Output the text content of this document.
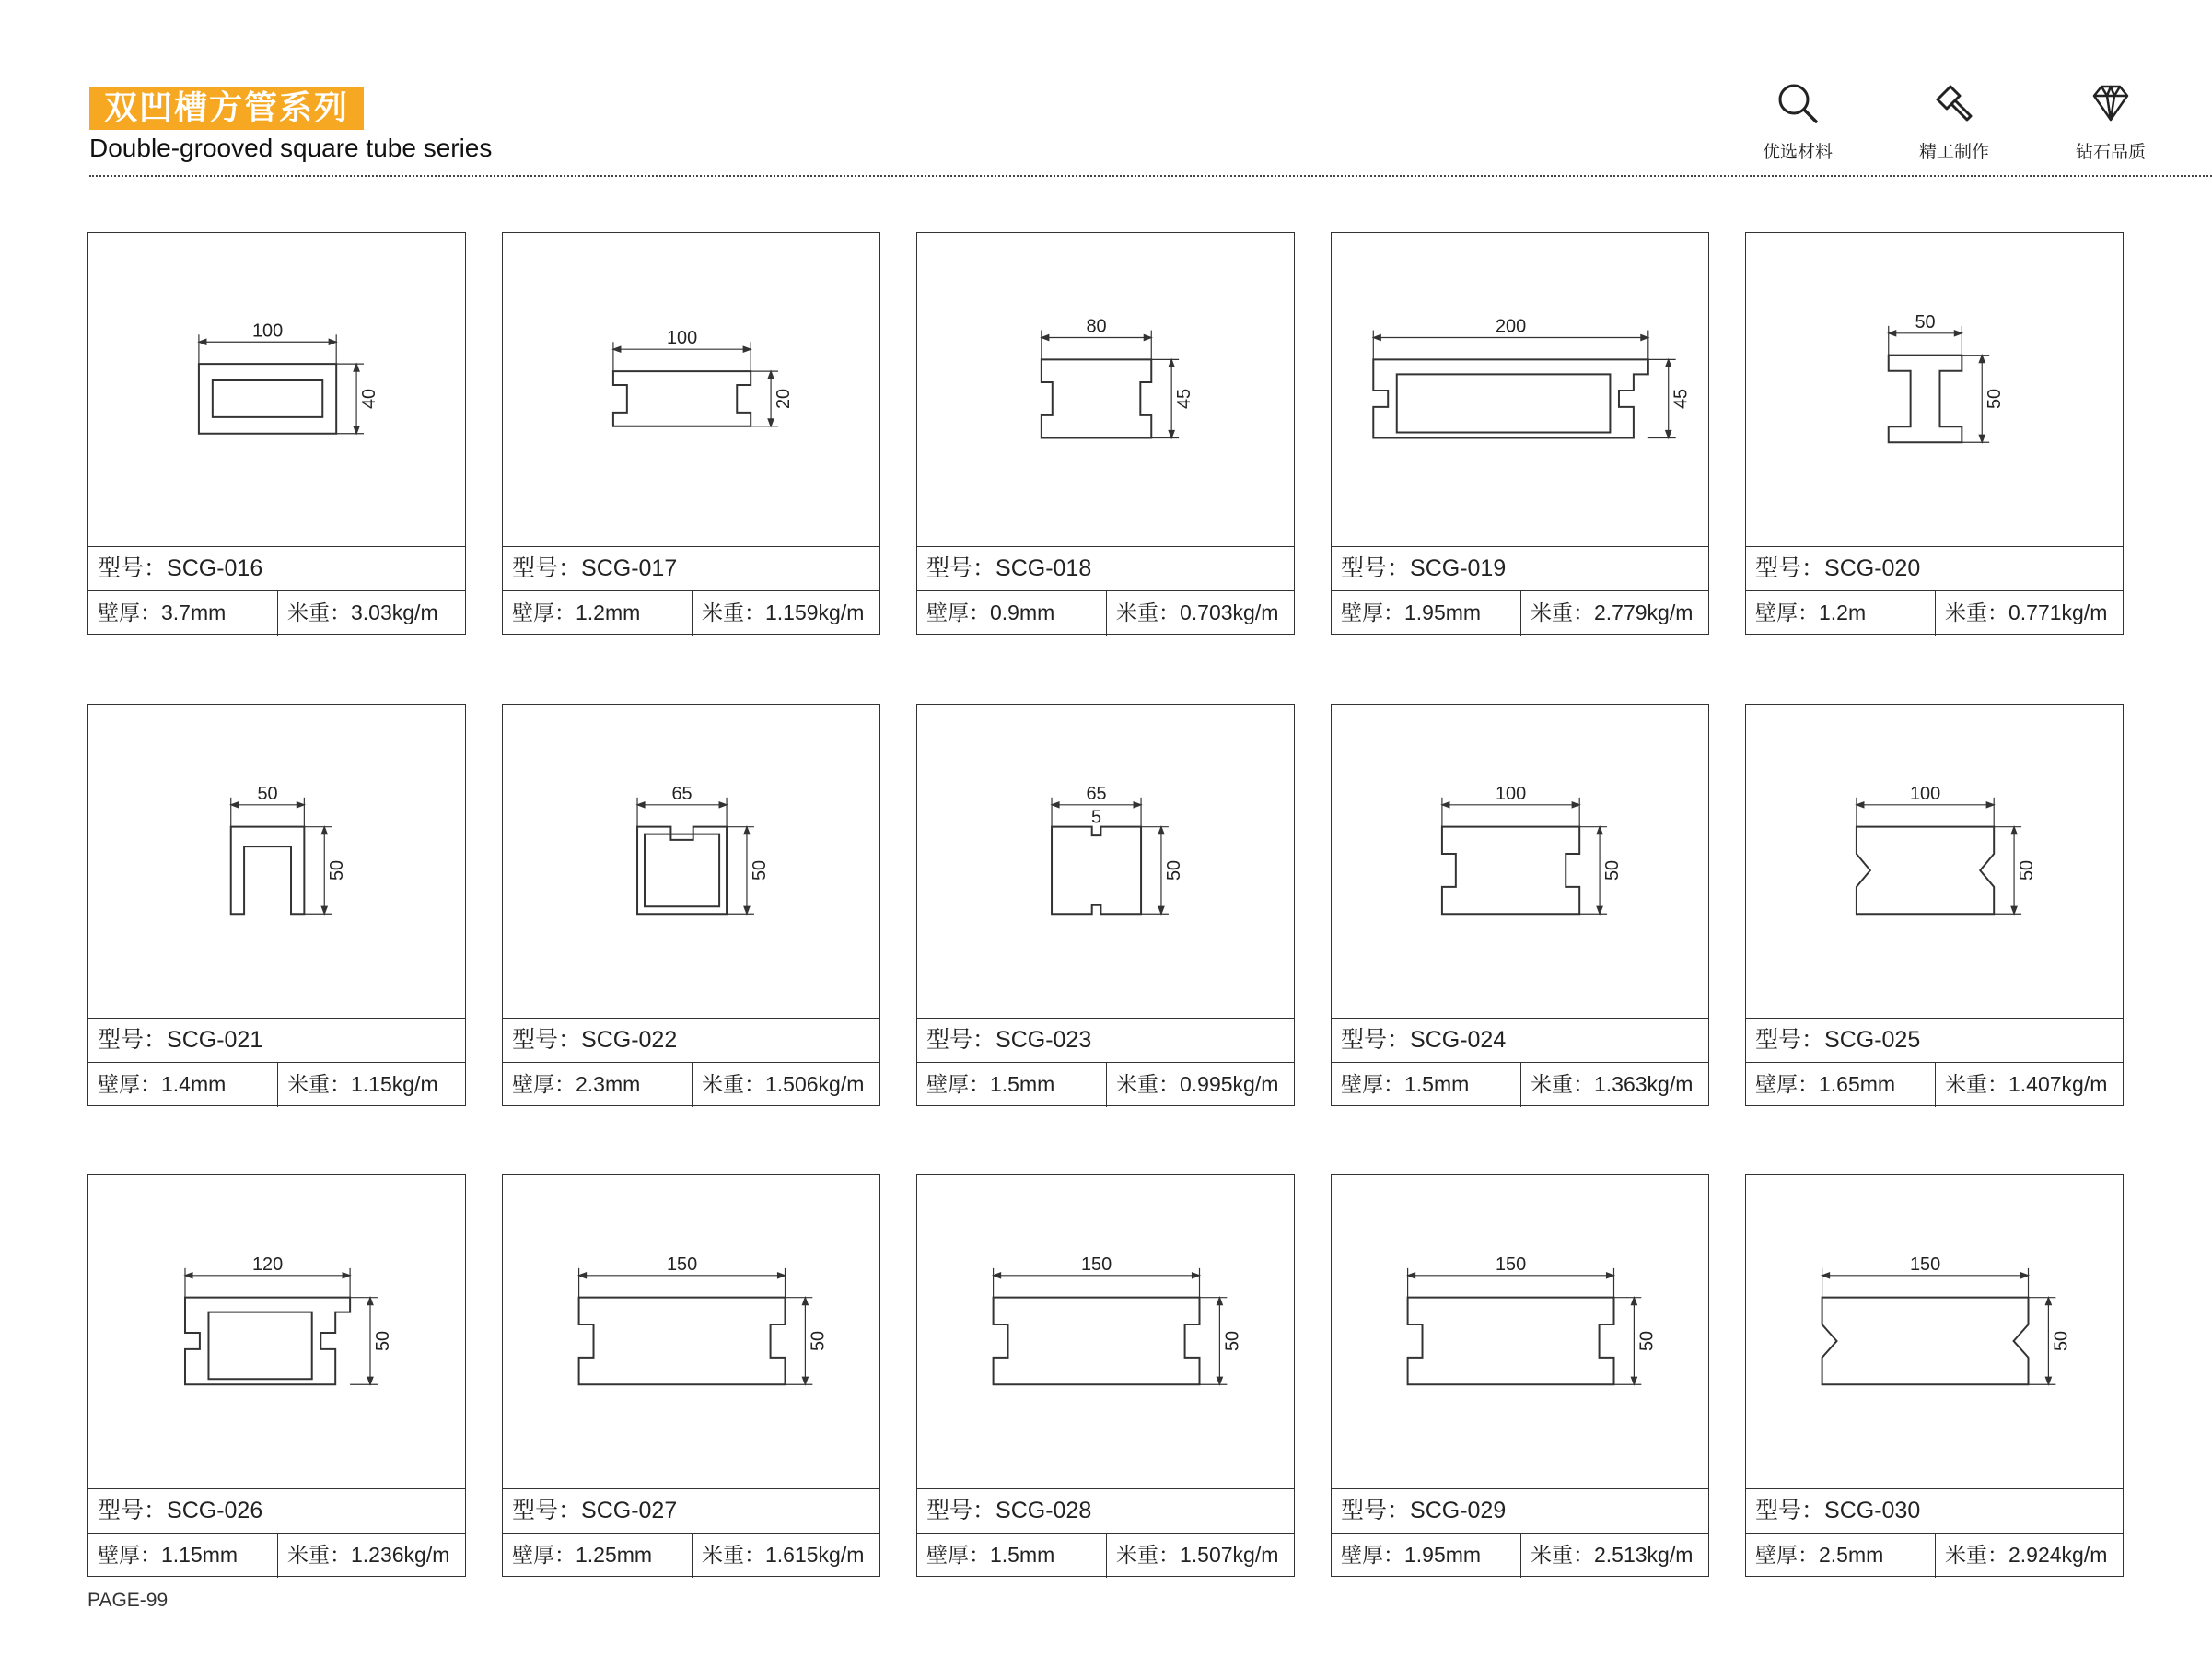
双凹槽方管系列
Double-grooved square tube series	优选材料	精工制作	钻石品质
100
40
型号：SCG-016
壁厚：3.7mm	米重：3.03kg/m
100
20
型号：SCG-017
壁厚：1.2mm	米重：1.159kg/m
80
45
型号：SCG-018
壁厚：0.9mm	米重：0.703kg/m
200
45
型号：SCG-019
壁厚：1.95mm	米重：2.779kg/m
50
50
型号：SCG-020
壁厚：1.2m	米重：0.771kg/m
50
50
型号：SCG-021
壁厚：1.4mm	米重：1.15kg/m
65
50
型号：SCG-022
壁厚：2.3mm	米重：1.506kg/m
65
50
5
型号：SCG-023
壁厚：1.5mm	米重：0.995kg/m
100
50
型号：SCG-024
壁厚：1.5mm	米重：1.363kg/m
100
50
型号：SCG-025
壁厚：1.65mm	米重：1.407kg/m
120
50
型号：SCG-026
壁厚：1.15mm	米重：1.236kg/m
150
50
型号：SCG-027
壁厚：1.25mm	米重：1.615kg/m
150
50
型号：SCG-028
壁厚：1.5mm	米重：1.507kg/m
150
50
型号：SCG-029
壁厚：1.95mm	米重：2.513kg/m
150
50
型号：SCG-030
壁厚：2.5mm	米重：2.924kg/m
PAGE-99
